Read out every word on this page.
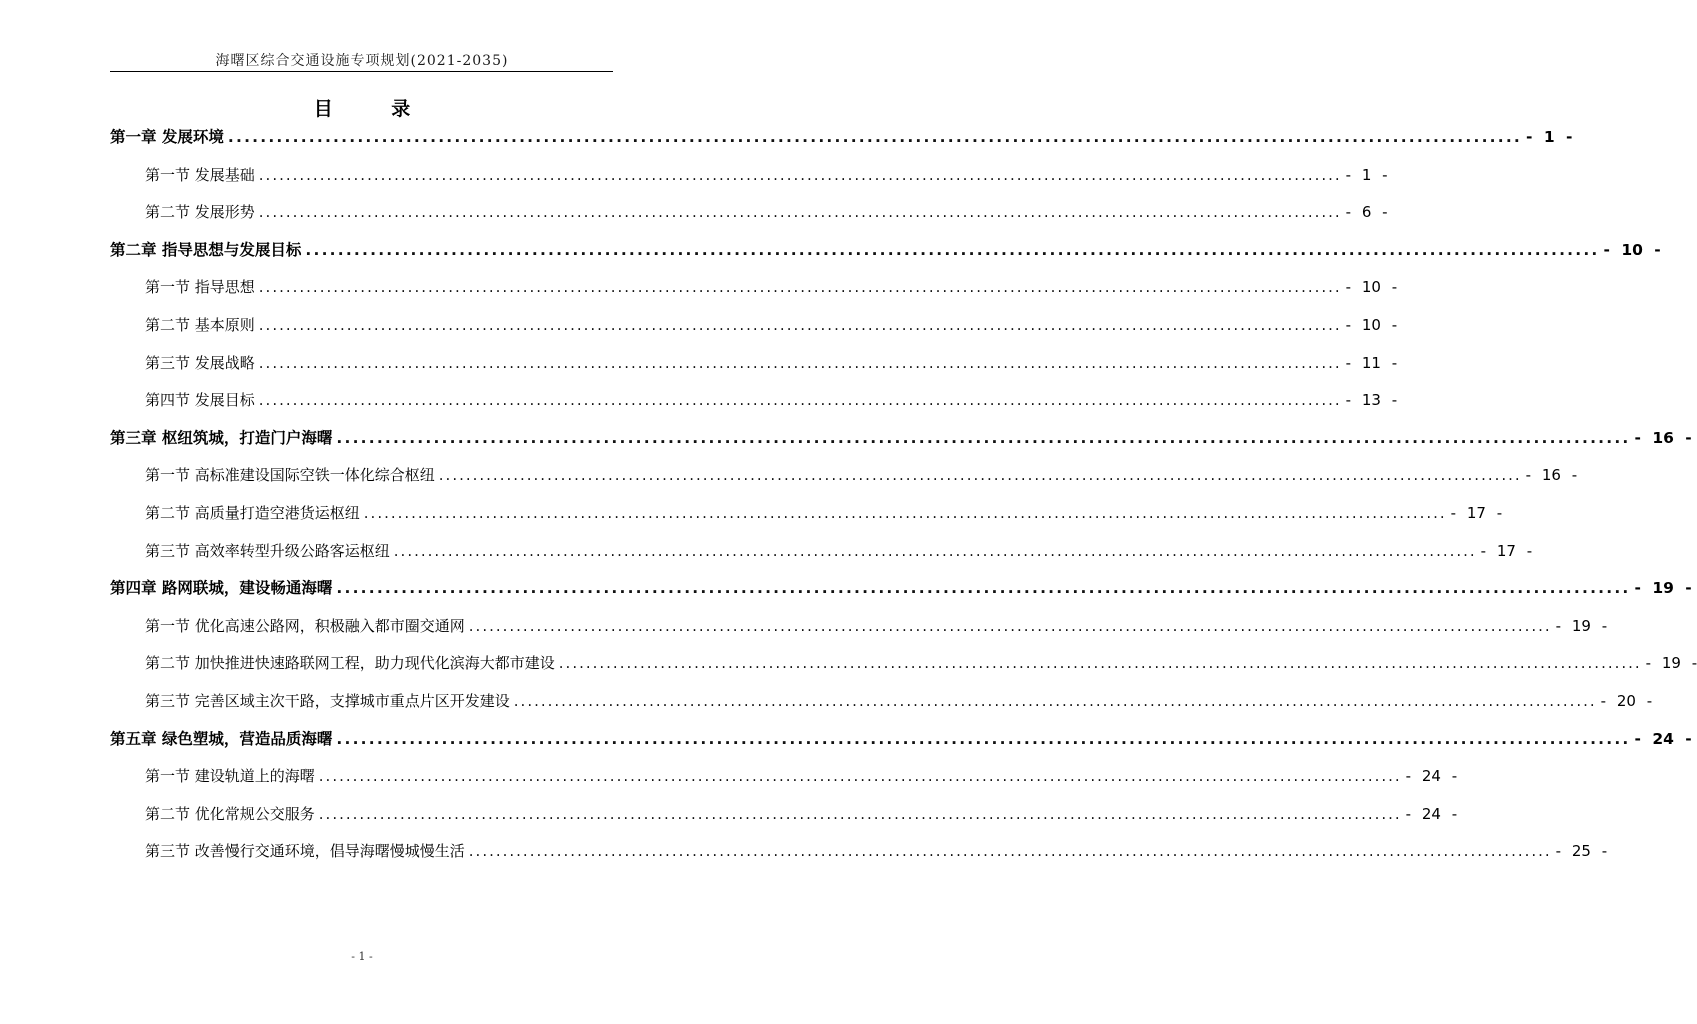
海曙区综合交通设施专项规划(2021-2035)
目 录
第一章 发展环境 ................................................................................................................................................................ - 1 -
第一节 发展基础 ................................................................................................................................................................ - 1 -
第二节 发展形势 ................................................................................................................................................................ - 6 -
第二章 指导思想与发展目标 ................................................................................................................................................................ - 10 -
第一节 指导思想 ................................................................................................................................................................ - 10 -
第二节 基本原则 ................................................................................................................................................................ - 10 -
第三节 发展战略 ................................................................................................................................................................ - 11 -
第四节 发展目标 ................................................................................................................................................................ - 13 -
第三章 枢纽筑城，打造门户海曙 ................................................................................................................................................................ - 16 -
第一节 高标准建设国际空铁一体化综合枢纽 ................................................................................................................................................................ - 16 -
第二节 高质量打造空港货运枢纽 ................................................................................................................................................................ - 17 -
第三节 高效率转型升级公路客运枢纽 ................................................................................................................................................................ - 17 -
第四章 路网联城，建设畅通海曙 ................................................................................................................................................................ - 19 -
第一节 优化高速公路网，积极融入都市圈交通网 ................................................................................................................................................................ - 19 -
第二节 加快推进快速路联网工程，助力现代化滨海大都市建设 ................................................................................................................................................................ - 19 -
第三节 完善区域主次干路，支撑城市重点片区开发建设 ................................................................................................................................................................ - 20 -
第五章 绿色塑城，营造品质海曙 ................................................................................................................................................................ - 24 -
第一节 建设轨道上的海曙 ................................................................................................................................................................ - 24 -
第二节 优化常规公交服务 ................................................................................................................................................................ - 24 -
第三节 改善慢行交通环境，倡导海曙慢城慢生活 ................................................................................................................................................................ - 25 -
- 1 -
